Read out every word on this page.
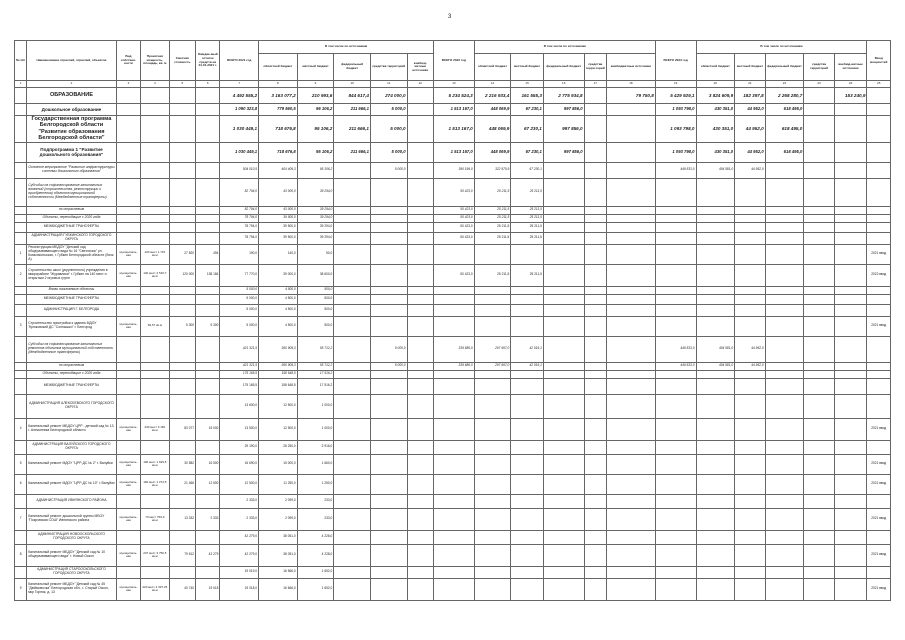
3
№ п/п	Наименование отраслей, отраслей, объектов	Вид собствен-ности	Проектная мощность, площадь, кв. м	Сметная стоимость	Ожидае-мый остаток средств на 01.01.2021 г.	ВСЕГО 2021 год	В том числе по источникам					ВСЕГО 2022 год	В том числе по источникам					ВСЕГО 2023 год	В том числе по источникам					Ввод мощностей
							областной бюджет	местный бюджет	федеральный бюджет	средства территорий	внебюд-жетные источники		областной бюджет	местный бюджет	федеральный бюджет	средства терри-торий	внебюджетные источники		областной бюджет	местный бюджет	федеральный бюджет	средства территорий	внебюд-жетные источники	
1	2	3	4	5	6	7	8	9	10	11	12	13	14	15	16	17	18	19	20	21	22	23	24	25
	ОБРАЗОВАНИЕ					4 492 555,2	3 163 077,2	210 993,6	844 617,4	274 000,0		5 234 524,3	2 216 933,4	161 555,3	2 775 934,8		79 750,8	5 429 929,1	3 824 609,9	182 397,8	2 268 280,7		153 240,9	
	Дошкольное образование					1 090 323,8	779 560,5	96 106,2	211 666,1	5 000,0		1 513 167,0	448 069,9	67 230,1	997 856,0			1 093 798,0	430 351,0	44 952,0	618 495,0			
	Государственная программа Белгородской области "Развитие образования Белгородской области"					1 030 449,1	718 676,8	95 106,2	211 666,1	5 000,0		1 513 167,0	448 069,9	67 230,1	997 856,0			1 093 798,0	430 351,0	44 952,0	618 495,0			
	Подпрограмма 1 "Развитие дошкольного образования"					1 030 449,1	718 676,8	95 106,2	211 666,1	5 000,0		1 513 167,0	448 069,9	67 230,1	997 856,0			1 093 798,0	430 351,0	44 952,0	618 495,0			
	Основное мероприятие "Развитие инфраструктуры системы дошкольного образования"					504 010,5	404 409,3	95 106,2		5 000,0		390 199,0	322 970,9	67 230,1				449 533,0	404 581,0	44 952,0				
	Субсидии на софинансирование капитальных вложений (строительства, реконструкции и приобретения) объектов муниципальной собственности (Межбюджетные трансферты)					82 794,0	43 000,0	39 294,0				50 423,0	25 211,5	25 211,5										
	по отраслевым					82 794,0	43 000,0	39 294,0				50 423,0	25 211,5	25 211,5										
	Объекты, переходящие с 2020 года					78 794,0	39 500,0	39 294,0				50 423,0	25 211,5	25 211,5										
	МЕЖБЮДЖЕТНЫЕ ТРАНСФЕРТЫ					78 794,0	39 500,0	39 294,0				50 423,0	25 211,5	25 211,5										
	АДМИНИСТРАЦИЯ ГУБКИНСКОГО ГОРОДСКОГО ОКРУГА					78 794,0	39 500,0	39 294,0				50 423,0	25 211,5	25 211,5										
1	Реконструкция МБДОУ "Детский сад общеразвивающего вида № 16 "Светлячок" ул. Комсомольская, г. Губкин Белгородской области (блок А)	муниципаль-ная	100 мест 1 715 кв.м	27 820	494	190,0	140,0	50,0																2021 ввод
2	Строительство школ (укрупненного) учреждения в микрорайоне "Журавлики" г. Губкин на 140 мест и открытым 2 игровых групп	муниципаль-ная	140 мест 2 516,7 кв.м	120 000	138 184	77 770,0	39 000,0	38 600,0				50 423,0	25 211,5	25 211,5										2022 ввод
	Вновь начинаемые объекты					5 000,0	4 500,0	500,0																
	МЕЖБЮДЖЕТНЫЕ ТРАНСФЕРТЫ					5 000,0	4 500,0	500,0																
	АДМИНИСТРАЦИЯ Г. БЕЛГОРОДА					5 000,0	4 500,0	500,0																
3	Строительство пристройки к зданию МДОУ "Крюковский ДС "Солнышко" г. Белгород	муниципаль-ная	69,57 кв.м	5 300	5 300	5 000,0	4 500,0	500,0																2021 ввод
	Субсидии на софинансирование капитальных ремонтов объектов муниципальной собственности (Межбюджетные трансферты)					421 321,5	360 909,3	55 712,2		5 000,0		339 686,0	297 667,0	42 019,1				449 533,0	404 581,0	44 952,0				
	по отраслевым					421 321,5	360 909,3	55 712,2		5 000,0		339 686,0	297 667,0	42 019,1				449 533,0	404 581,0	44 952,0				
	Объекты, переходящие с 2020 года					175 165,5	158 648,5	17 516,2																
	МЕЖБЮДЖЕТНЫЕ ТРАНСФЕРТЫ					175 165,5	158 648,5	17 516,2																
	АДМИНИСТРАЦИЯ АЛЕКСЕЕВСКОГО ГОРОДСКОГО ОКРУГА					13 600,0	12 500,0	1 000,0																
4	Капитальный ремонт МБДОУ ЦРР - детский сад № 13 г. Алексеевка Белгородской области	муниципаль-ная	240 мест 3 181 кв.м	83 077	15 000	13 500,0	12 500,0	1 000,0																2021 ввод
	АДМИНИСТРАЦИЯ ВАЛУЙСКОГО ГОРОДСКОГО ОКРУГА					29 190,0	26 250,0	2 916,0																
5	Капитальный ремонт МДОУ "ЦРР-ДС № 2" г. Валуйки	муниципаль-ная	100 мест 1 629,5 кв.м	30 582	16 500	16 690,0	15 000,0	1 660,0																2021 ввод
6	Капитальный ремонт МДОУ "ЦРР-ДС № 10" г. Валуйки	муниципаль-ная	160 мест 1 274,5 кв.м	21 466	12 500	12 500,0	11 250,0	1 250,0																2021 ввод
	АДМИНИСТРАЦИЯ ИВНЯНСКОГО РАЙОНА					2 333,0	2 099,0	233,0																
7	Капитальный ремонт дошкольной группы МБОУ "Покровская СОШ" Ивнянского района	муниципаль-ная	70 мест 759,9 кв.м	13 332	2 333	2 333,0	2 099,0	233,0																2021 ввод
	АДМИНИСТРАЦИЯ НОВООСКОЛЬСКОГО ГОРОДСКОГО ОКРУГА					42 279,0	38 051,0	4 228,0																
8	Капитальный ремонт МБДОУ "Детский сад № 10 общеразвивающего вида" г. Новый Оскол	муниципаль-ная	237 мест 3 750,5 кв.м	79 612	42 279	42 279,0	38 051,0	4 228,0																2021 ввод
	АДМИНИСТРАЦИЯ СТАРООСКОЛЬСКОГО ГОРОДСКОГО ОКРУГА					19 019,0	16 566,0	1 652,0																
9	Капитальный ремонт МБДОУ "Детский сад № 45 "Дюймовочка" Белгородская обл., г. Старый Оскол, мкр Горняк, д. 13	муниципаль-ная	220 мест 2 397,25 кв.м	40 740	19 018	19 018,0	16 666,0	1 652,0																2021 ввод
